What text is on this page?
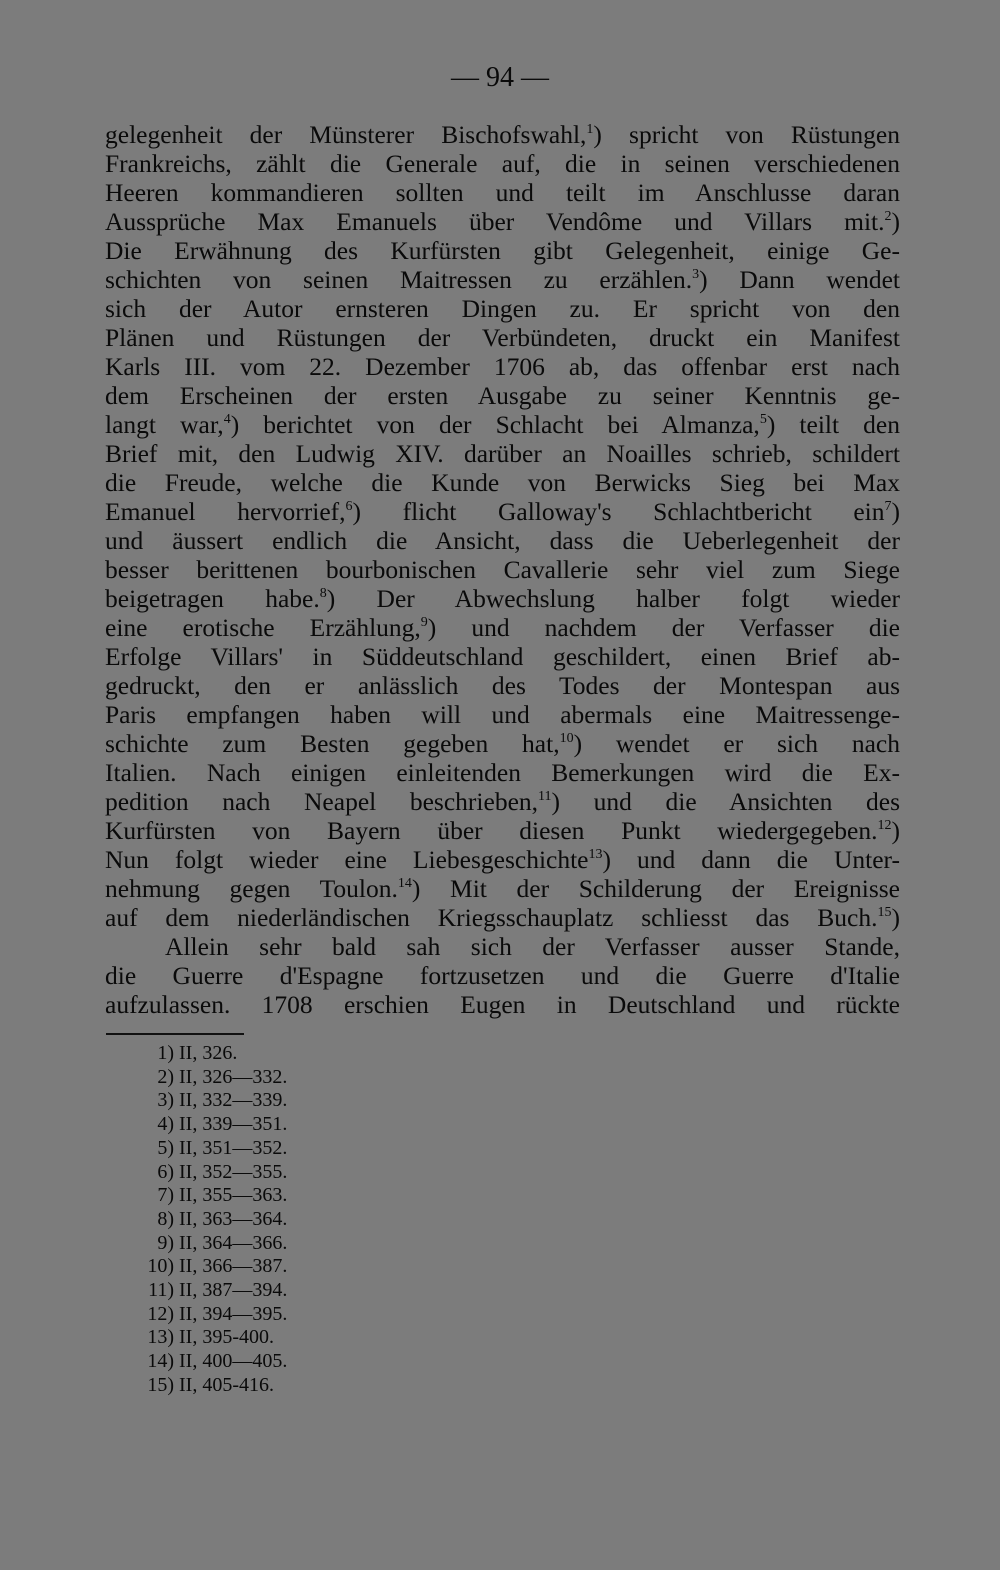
— 94 —

gelegenheit der Münsterer Bischofswahl,$^1$) spricht von Rüstungen
Frankreichs, zählt die Generale auf, die in seinen verschiedenen
Heeren kommandieren sollten und teilt im Anschlusse daran
Aussprüche Max Emanuels über Vendôme und Villars mit.$^2$)
Die Erwähnung des Kurfürsten gibt Gelegenheit, einige Ge-
schichten von seinen Maitressen zu erzählen.$^3$) Dann wendet
sich der Autor ernsteren Dingen zu. Er spricht von den
Plänen und Rüstungen der Verbündeten, druckt ein Manifest
Karls III. vom 22. Dezember 1706 ab, das offenbar erst nach
dem Erscheinen der ersten Ausgabe zu seiner Kenntnis ge-
langt war,$^4$) berichtet von der Schlacht bei Almanza,$^5$) teilt den
Brief mit, den Ludwig XIV. darüber an Noailles schrieb, schildert
die Freude, welche die Kunde von Berwicks Sieg bei Max
Emanuel hervorrief,$^6$) flicht Galloway's Schlachtbericht ein$^7$)
und äussert endlich die Ansicht, dass die Ueberlegenheit der
besser berittenen bourbonischen Cavallerie sehr viel zum Siege
beigetragen habe.$^8$) Der Abwechslung halber folgt wieder
eine erotische Erzählung,$^9$) und nachdem der Verfasser die
Erfolge Villars' in Süddeutschland geschildert, einen Brief ab-
gedruckt, den er anlässlich des Todes der Montespan aus
Paris empfangen haben will und abermals eine Maitressenge-
schichte zum Besten gegeben hat,$^{10}$) wendet er sich nach
Italien. Nach einigen einleitenden Bemerkungen wird die Ex-
pedition nach Neapel beschrieben,$^{11}$) und die Ansichten des
Kurfürsten von Bayern über diesen Punkt wiedergegeben.$^{12}$)
Nun folgt wieder eine Liebesgeschichte$^{13}$) und dann die Unter-
nehmung gegen Toulon.$^{14}$) Mit der Schilderung der Ereignisse
auf dem niederländischen Kriegsschauplatz schliesst das Buch.$^{15}$)

Allein sehr bald sah sich der Verfasser ausser Stande,
die Guerre d'Espagne fortzusetzen und die Guerre d'Italie
aufzulassen. 1708 erschien Eugen in Deutschland und rückte

1) II, 326.
2) II, 326—332.
3) II, 332—339.
4) II, 339—351.
5) II, 351—352.
6) II, 352—355.
7) II, 355—363.
8) II, 363—364.
9) II, 364—366.
10) II, 366—387.
11) II, 387—394.
12) II, 394—395.
13) II, 395-400.
14) II, 400—405.
15) II, 405-416.
